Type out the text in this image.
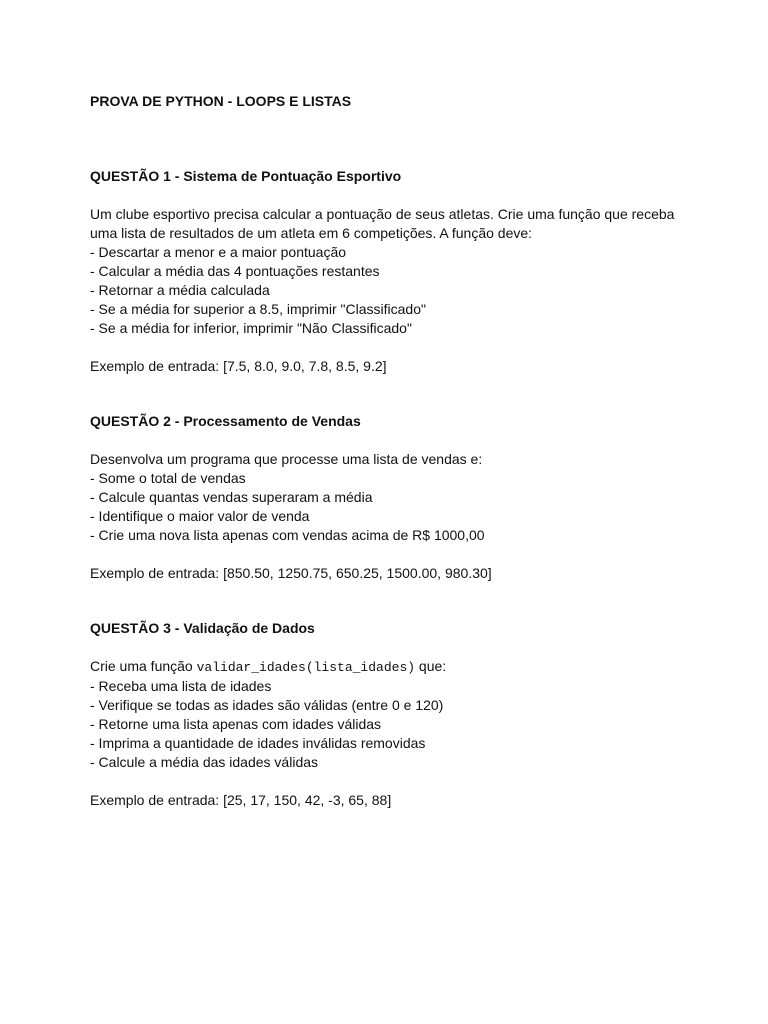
PROVA DE PYTHON - LOOPS E LISTAS
QUESTÃO 1 - Sistema de Pontuação Esportivo
Um clube esportivo precisa calcular a pontuação de seus atletas. Crie uma função que receba
uma lista de resultados de um atleta em 6 competições. A função deve:
- Descartar a menor e a maior pontuação
- Calcular a média das 4 pontuações restantes
- Retornar a média calculada
- Se a média for superior a 8.5, imprimir "Classificado"
- Se a média for inferior, imprimir "Não Classificado"
Exemplo de entrada: [7.5, 8.0, 9.0, 7.8, 8.5, 9.2]
QUESTÃO 2 - Processamento de Vendas
Desenvolva um programa que processe uma lista de vendas e:
- Some o total de vendas
- Calcule quantas vendas superaram a média
- Identifique o maior valor de venda
- Crie uma nova lista apenas com vendas acima de R$ 1000,00
Exemplo de entrada: [850.50, 1250.75, 650.25, 1500.00, 980.30]
QUESTÃO 3 - Validação de Dados
Crie uma função validar_idades(lista_idades) que:
- Receba uma lista de idades
- Verifique se todas as idades são válidas (entre 0 e 120)
- Retorne uma lista apenas com idades válidas
- Imprima a quantidade de idades inválidas removidas
- Calcule a média das idades válidas
Exemplo de entrada: [25, 17, 150, 42, -3, 65, 88]
